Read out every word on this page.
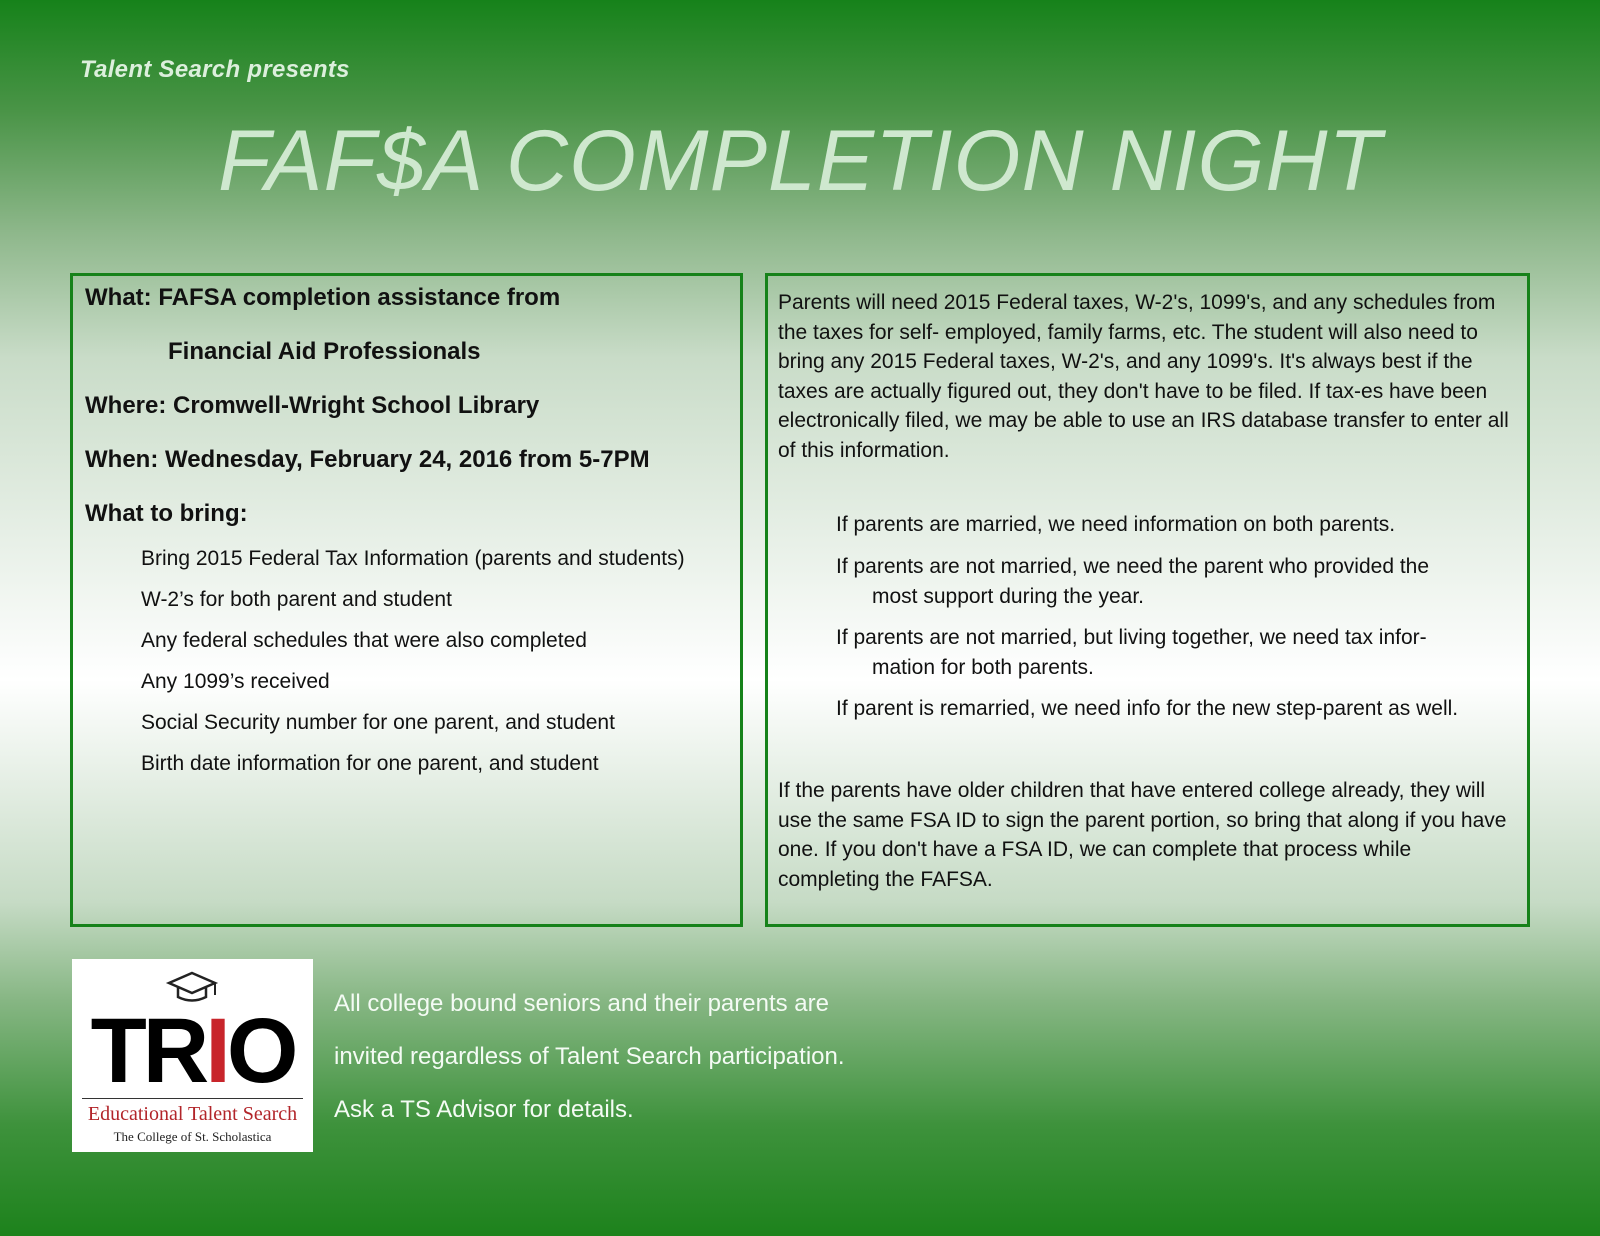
Talent Search presents
FAF$A COMPLETION NIGHT

What: FAFSA completion assistance from

Financial Aid Professionals

Where: Cromwell-Wright School Library

When: Wednesday, February 24, 2016 from 5-7PM

What to bring:

Bring 2015 Federal Tax Information (parents and students)
W-2’s for both parent and student
Any federal schedules that were also completed
Any 1099’s received
Social Security number for one parent, and student
Birth date information for one parent, and student

Parents will need 2015 Federal taxes, W-2's, 1099's, and any schedules from the taxes for self- employed, family farms, etc. The student will also need to bring any 2015 Federal taxes, W-2's, and any 1099's. It's always best if the taxes are actually figured out, they don't have to be filed. If tax-es have been electronically filed, we may be able to use an IRS database transfer to enter all of this information.

If parents are married, we need information on both parents.
If parents are not married, we need the parent who provided the
most support during the year.
If parents are not married, but living together, we need tax infor-
mation for both parents.
If parent is remarried, we need info for the new step-parent as well.

If the parents have older children that have entered college already, they will use the same FSA ID to sign the parent portion, so bring that along if you have one. If you don't have a FSA ID, we can complete that process while completing the FAFSA.

TRIO
Educational Talent Search
The College of St. Scholastica
All college bound seniors and their parents are
invited regardless of Talent Search participation.
Ask a TS Advisor for details.
